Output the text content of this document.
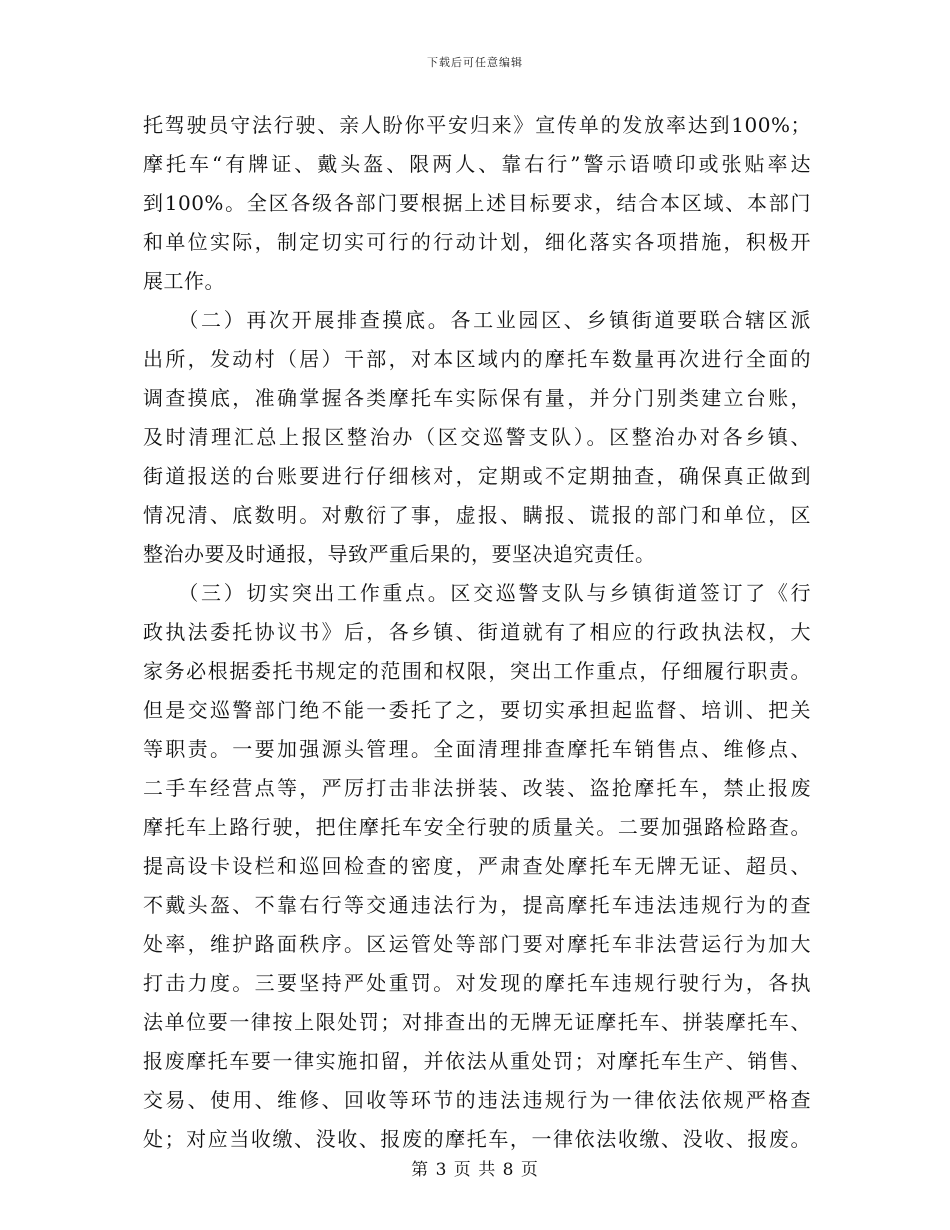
下载后可任意编辑
托驾驶员守法行驶、亲人盼你平安归来》宣传单的发放率达到100%；
摩托车“有牌证、戴头盔、限两人、靠右行”警示语喷印或张贴率达
到100%。全区各级各部门要根据上述目标要求，结合本区域、本部门
和单位实际，制定切实可行的行动计划，细化落实各项措施，积极开
展工作。
　　（二）再次开展排查摸底。各工业园区、乡镇街道要联合辖区派
出所，发动村（居）干部，对本区域内的摩托车数量再次进行全面的
调查摸底，准确掌握各类摩托车实际保有量，并分门别类建立台账，
及时清理汇总上报区整治办（区交巡警支队）。区整治办对各乡镇、
街道报送的台账要进行仔细核对，定期或不定期抽查，确保真正做到
情况清、底数明。对敷衍了事，虚报、瞒报、谎报的部门和单位，区
整治办要及时通报，导致严重后果的，要坚决追究责任。
　　（三）切实突出工作重点。区交巡警支队与乡镇街道签订了《行
政执法委托协议书》后，各乡镇、街道就有了相应的行政执法权，大
家务必根据委托书规定的范围和权限，突出工作重点，仔细履行职责。
但是交巡警部门绝不能一委托了之，要切实承担起监督、培训、把关
等职责。一要加强源头管理。全面清理排查摩托车销售点、维修点、
二手车经营点等，严厉打击非法拼装、改装、盗抢摩托车，禁止报废
摩托车上路行驶，把住摩托车安全行驶的质量关。二要加强路检路查。
提高设卡设栏和巡回检查的密度，严肃查处摩托车无牌无证、超员、
不戴头盔、不靠右行等交通违法行为，提高摩托车违法违规行为的查
处率，维护路面秩序。区运管处等部门要对摩托车非法营运行为加大
打击力度。三要坚持严处重罚。对发现的摩托车违规行驶行为，各执
法单位要一律按上限处罚；对排查出的无牌无证摩托车、拼装摩托车、
报废摩托车要一律实施扣留，并依法从重处罚；对摩托车生产、销售、
交易、使用、维修、回收等环节的违法违规行为一律依法依规严格查
处；对应当收缴、没收、报废的摩托车，一律依法收缴、没收、报废。
第 3 页 共 8 页
